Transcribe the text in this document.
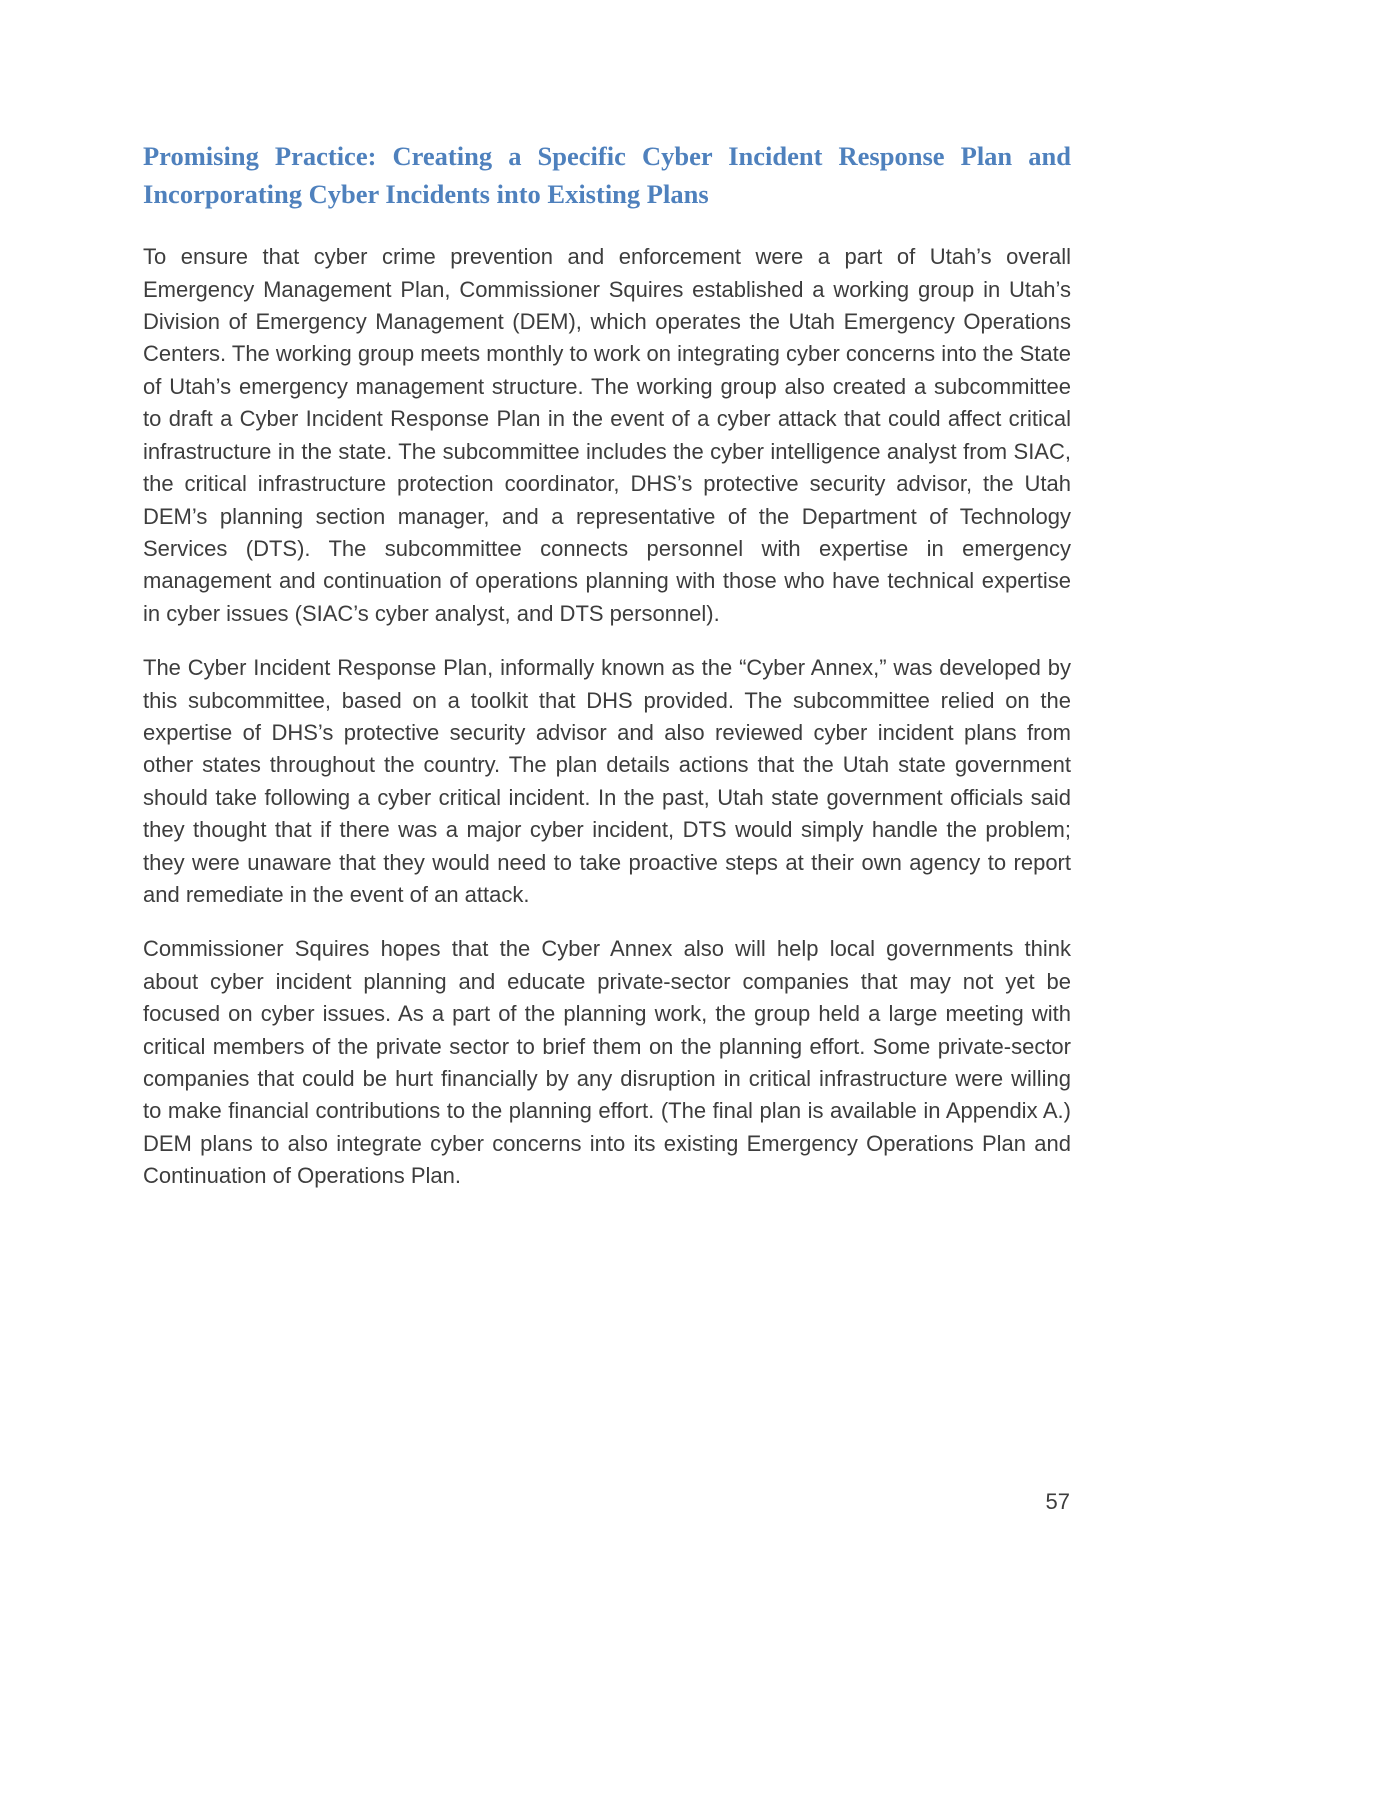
Promising Practice: Creating a Specific Cyber Incident Response Plan and Incorporating Cyber Incidents into Existing Plans

To ensure that cyber crime prevention and enforcement were a part of Utah’s overall Emergency Management Plan, Commissioner Squires established a working group in Utah’s Division of Emergency Management (DEM), which operates the Utah Emergency Operations Centers. The working group meets monthly to work on integrating cyber concerns into the State of Utah’s emergency management structure. The working group also created a subcommittee to draft a Cyber Incident Response Plan in the event of a cyber attack that could affect critical infrastructure in the state. The subcommittee includes the cyber intelligence analyst from SIAC, the critical infrastructure protection coordinator, DHS’s protective security advisor, the Utah DEM’s planning section manager, and a representative of the Department of Technology Services (DTS). The subcommittee connects personnel with expertise in emergency management and continuation of operations planning with those who have technical expertise in cyber issues (SIAC’s cyber analyst, and DTS personnel).

The Cyber Incident Response Plan, informally known as the “Cyber Annex,” was developed by this subcommittee, based on a toolkit that DHS provided. The subcommittee relied on the expertise of DHS’s protective security advisor and also reviewed cyber incident plans from other states throughout the country. The plan details actions that the Utah state government should take following a cyber critical incident. In the past, Utah state government officials said they thought that if there was a major cyber incident, DTS would simply handle the problem; they were unaware that they would need to take proactive steps at their own agency to report and remediate in the event of an attack.

Commissioner Squires hopes that the Cyber Annex also will help local governments think about cyber incident planning and educate private-sector companies that may not yet be focused on cyber issues. As a part of the planning work, the group held a large meeting with critical members of the private sector to brief them on the planning effort. Some private-sector companies that could be hurt financially by any disruption in critical infrastructure were willing to make financial contributions to the planning effort. (The final plan is available in Appendix A.) DEM plans to also integrate cyber concerns into its existing Emergency Operations Plan and Continuation of Operations Plan.

57
